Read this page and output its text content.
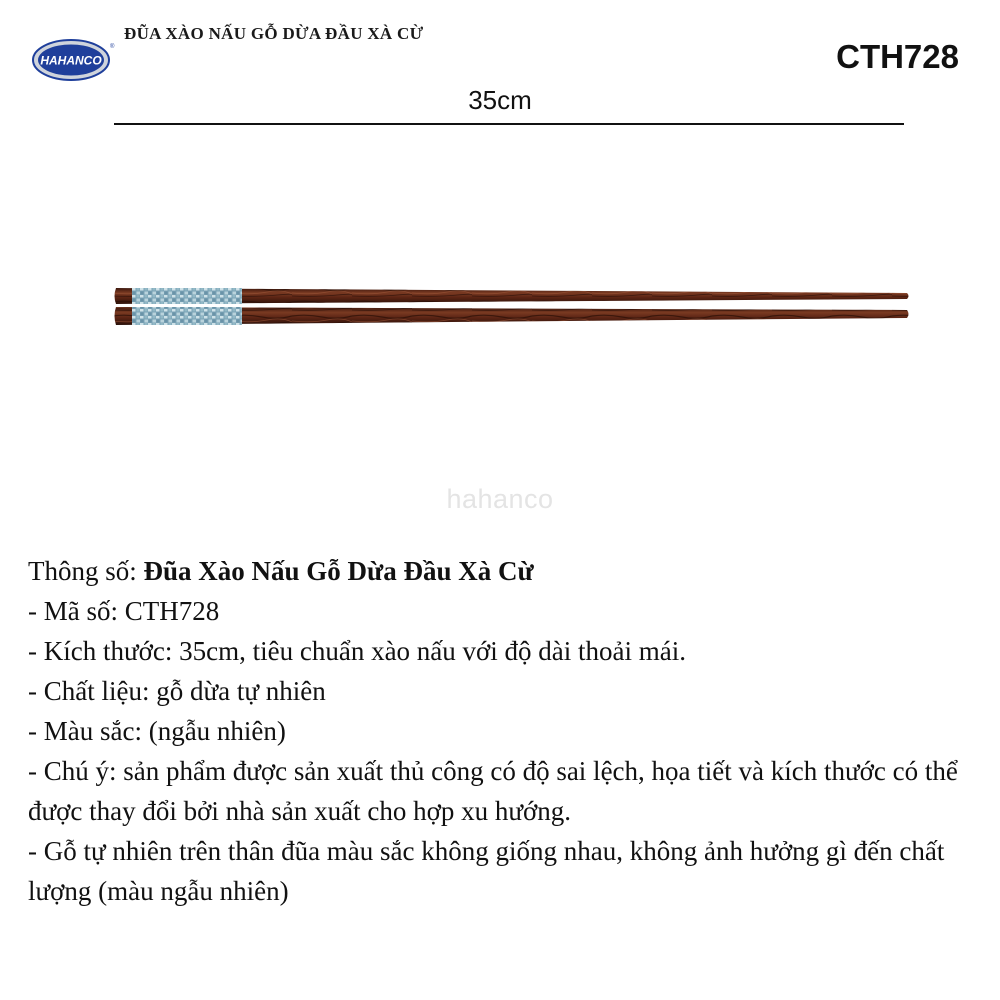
HAHANCO
®
ĐŨA XÀO NẤU GỖ DỪA ĐẦU XÀ CỪ
CTH728
35cm
hahanco

Thông số: Đũa Xào Nấu Gỗ Dừa Đầu Xà Cừ

- Mã số: CTH728

- Kích thước: 35cm, tiêu chuẩn xào nấu với độ dài thoải mái.

- Chất liệu: gỗ dừa tự nhiên

- Màu sắc: (ngẫu nhiên)

- Chú ý: sản phẩm được sản xuất thủ công có độ sai lệch, họa tiết và kích thước có thể được thay đổi bởi nhà sản xuất cho hợp xu hướng.

- Gỗ tự nhiên trên thân đũa màu sắc không giống nhau, không ảnh hưởng gì đến chất lượng (màu ngẫu nhiên)
